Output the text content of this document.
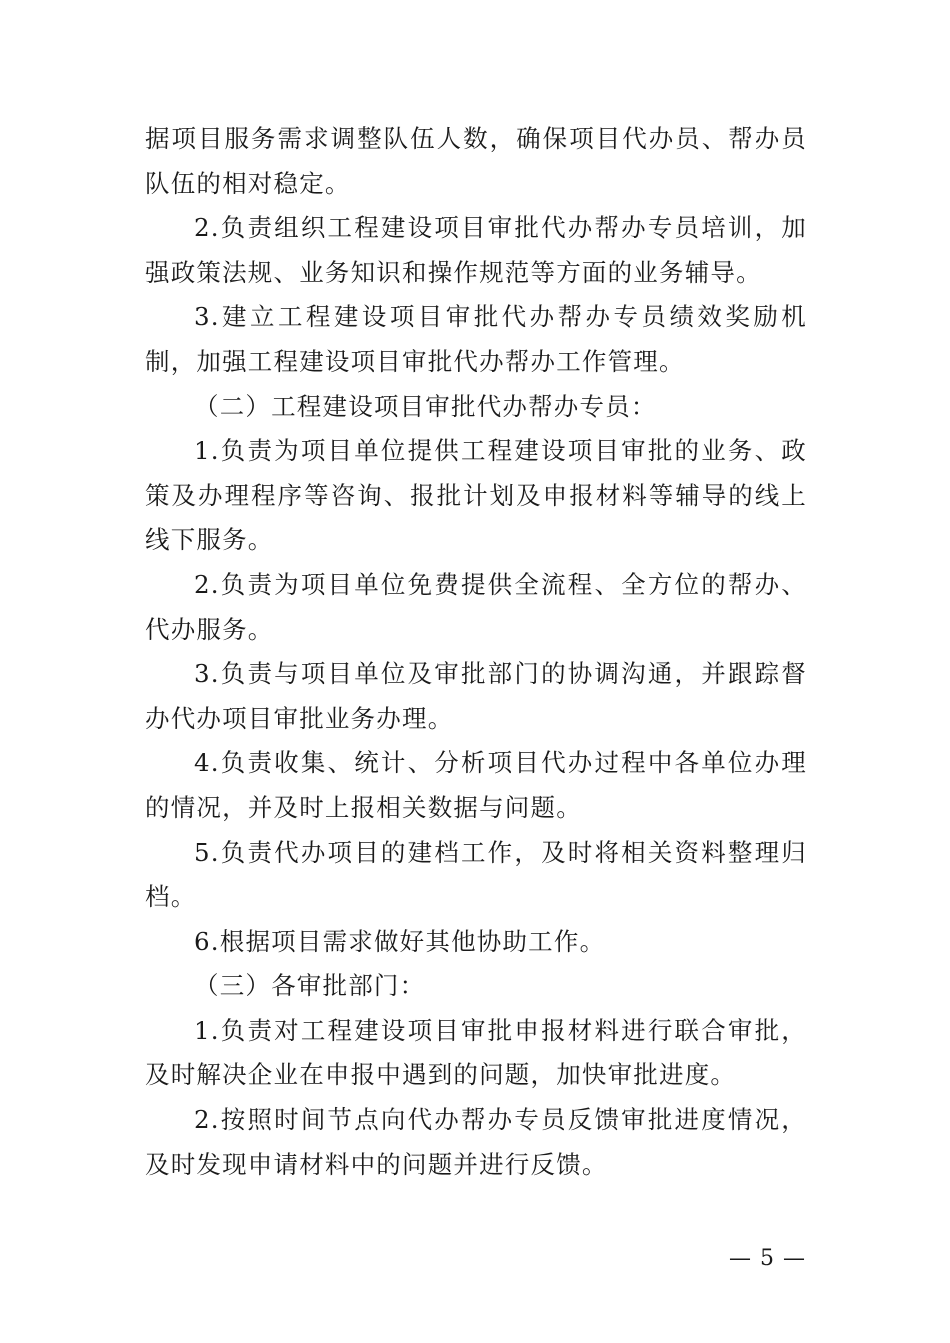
据项目服务需求调整队伍人数，确保项目代办员、帮办员队伍的相对稳定。

2.负责组织工程建设项目审批代办帮办专员培训，加强政策法规、业务知识和操作规范等方面的业务辅导。

3.建立工程建设项目审批代办帮办专员绩效奖励机制，加强工程建设项目审批代办帮办工作管理。

（二）工程建设项目审批代办帮办专员：

1.负责为项目单位提供工程建设项目审批的业务、政策及办理程序等咨询、报批计划及申报材料等辅导的线上线下服务。

2.负责为项目单位免费提供全流程、全方位的帮办、代办服务。

3.负责与项目单位及审批部门的协调沟通，并跟踪督办代办项目审批业务办理。

4.负责收集、统计、分析项目代办过程中各单位办理的情况，并及时上报相关数据与问题。

5.负责代办项目的建档工作，及时将相关资料整理归档。

6.根据项目需求做好其他协助工作。

（三）各审批部门：

1.负责对工程建设项目审批申报材料进行联合审批，及时解决企业在申报中遇到的问题，加快审批进度。

2.按照时间节点向代办帮办专员反馈审批进度情况，及时发现申请材料中的问题并进行反馈。

— 5 —
